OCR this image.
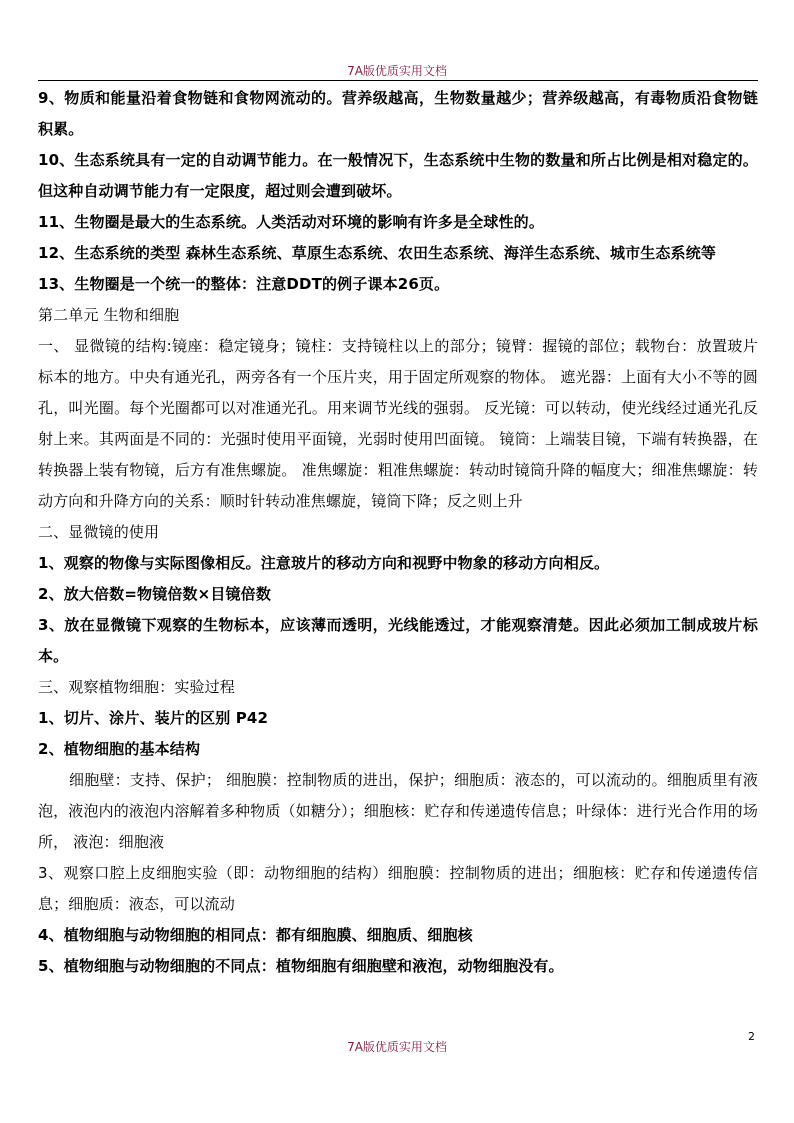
7A版优质实用文档

9、物质和能量沿着食物链和食物网流动的。营养级越高，生物数量越少；营养级越高，有毒物质沿食物链积累。

10、生态系统具有一定的自动调节能力。在一般情况下，生态系统中生物的数量和所占比例是相对稳定的。但这种自动调节能力有一定限度，超过则会遭到破坏。

11、生物圈是最大的生态系统。人类活动对环境的影响有许多是全球性的。

12、生态系统的类型 森林生态系统、草原生态系统、农田生态系统、海洋生态系统、城市生态系统等

13、生物圈是一个统一的整体：注意DDT的例子课本26页。

第二单元 生物和细胞

一、 显微镜的结构:镜座：稳定镜身；镜柱：支持镜柱以上的部分；镜臂：握镜的部位；载物台：放置玻片标本的地方。中央有通光孔，两旁各有一个压片夹，用于固定所观察的物体。 遮光器：上面有大小不等的圆孔，叫光圈。每个光圈都可以对准通光孔。用来调节光线的强弱。 反光镜：可以转动，使光线经过通光孔反射上来。其两面是不同的：光强时使用平面镜，光弱时使用凹面镜。 镜筒：上端装目镜，下端有转换器，在转换器上装有物镜，后方有准焦螺旋。 准焦螺旋：粗准焦螺旋：转动时镜筒升降的幅度大；细准焦螺旋：转动方向和升降方向的关系：顺时针转动准焦螺旋，镜筒下降；反之则上升

二、显微镜的使用

1、观察的物像与实际图像相反。注意玻片的移动方向和视野中物象的移动方向相反。

2、放大倍数=物镜倍数×目镜倍数

3、放在显微镜下观察的生物标本，应该薄而透明，光线能透过，才能观察清楚。因此必须加工制成玻片标本。

三、观察植物细胞：实验过程

1、切片、涂片、装片的区别 P42

2、植物细胞的基本结构

细胞壁：支持、保护； 细胞膜：控制物质的进出，保护；细胞质：液态的，可以流动的。细胞质里有液泡，液泡内的液泡内溶解着多种物质（如糖分）；细胞核：贮存和传递遗传信息；叶绿体：进行光合作用的场所， 液泡：细胞液

3、观察口腔上皮细胞实验（即：动物细胞的结构）细胞膜：控制物质的进出；细胞核：贮存和传递遗传信息；细胞质：液态，可以流动

4、植物细胞与动物细胞的相同点：都有细胞膜、细胞质、细胞核

5、植物细胞与动物细胞的不同点：植物细胞有细胞壁和液泡，动物细胞没有。

2
7A版优质实用文档
